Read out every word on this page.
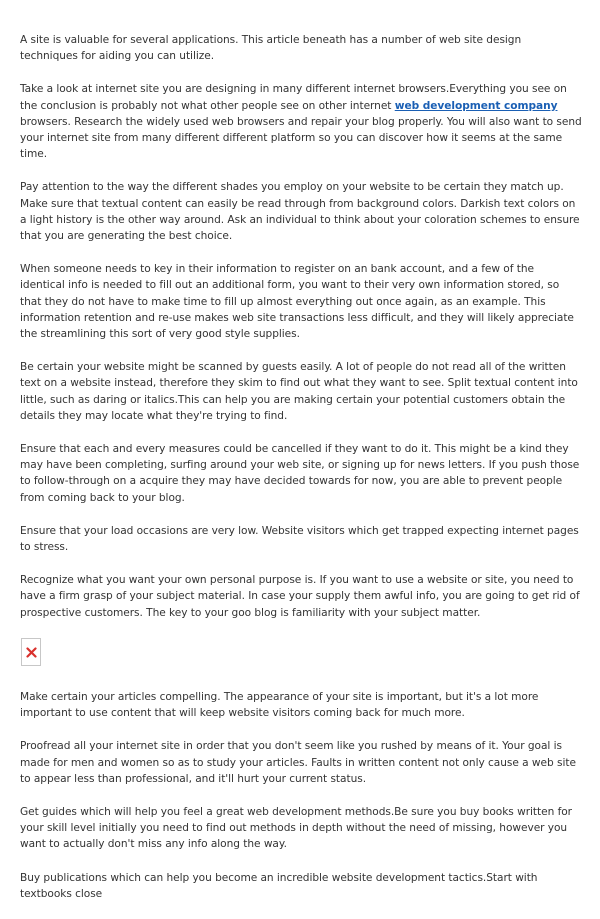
A site is valuable for several applications. This article beneath has a number of web site design techniques for aiding you can utilize.

Take a look at internet site you are designing in many different internet browsers.Everything you see on the conclusion is probably not what other people see on other internet web development company browsers. Research the widely used web browsers and repair your blog properly. You will also want to send your internet site from many different different platform so you can discover how it seems at the same time.

Pay attention to the way the different shades you employ on your website to be certain they match up. Make sure that textual content can easily be read through from background colors. Darkish text colors on a light history is the other way around. Ask an individual to think about your coloration schemes to ensure that you are generating the best choice.

When someone needs to key in their information to register on an bank account, and a few of the identical info is needed to fill out an additional form, you want to their very own information stored, so that they do not have to make time to fill up almost everything out once again, as an example. This information retention and re-use makes web site transactions less difficult, and they will likely appreciate the streamlining this sort of very good style supplies.

Be certain your website might be scanned by guests easily. A lot of people do not read all of the written text on a website instead, therefore they skim to find out what they want to see. Split textual content into little, such as daring or italics.This can help you are making certain your potential customers obtain the details they may locate what they're trying to find.

Ensure that each and every measures could be cancelled if they want to do it. This might be a kind they may have been completing, surfing around your web site, or signing up for news letters. If you push those to follow-through on a acquire they may have decided towards for now, you are able to prevent people from coming back to your blog.

Ensure that your load occasions are very low. Website visitors which get trapped expecting internet pages to stress.

Recognize what you want your own personal purpose is. If you want to use a website or site, you need to have a firm grasp of your subject material. In case your supply them awful info, you are going to get rid of prospective customers. The key to your goo blog is familiarity with your subject matter.

Make certain your articles compelling. The appearance of your site is important, but it's a lot more important to use content that will keep website visitors coming back for much more.

Proofread all your internet site in order that you don't seem like you rushed by means of it. Your goal is made for men and women so as to study your articles. Faults in written content not only cause a web site to appear less than professional, and it'll hurt your current status.

Get guides which will help you feel a great web development methods.Be sure you buy books written for your skill level initially you need to find out methods in depth without the need of missing, however you want to actually don't miss any info along the way.

Buy publications which can help you become an incredible website development tactics.Start with textbooks close
